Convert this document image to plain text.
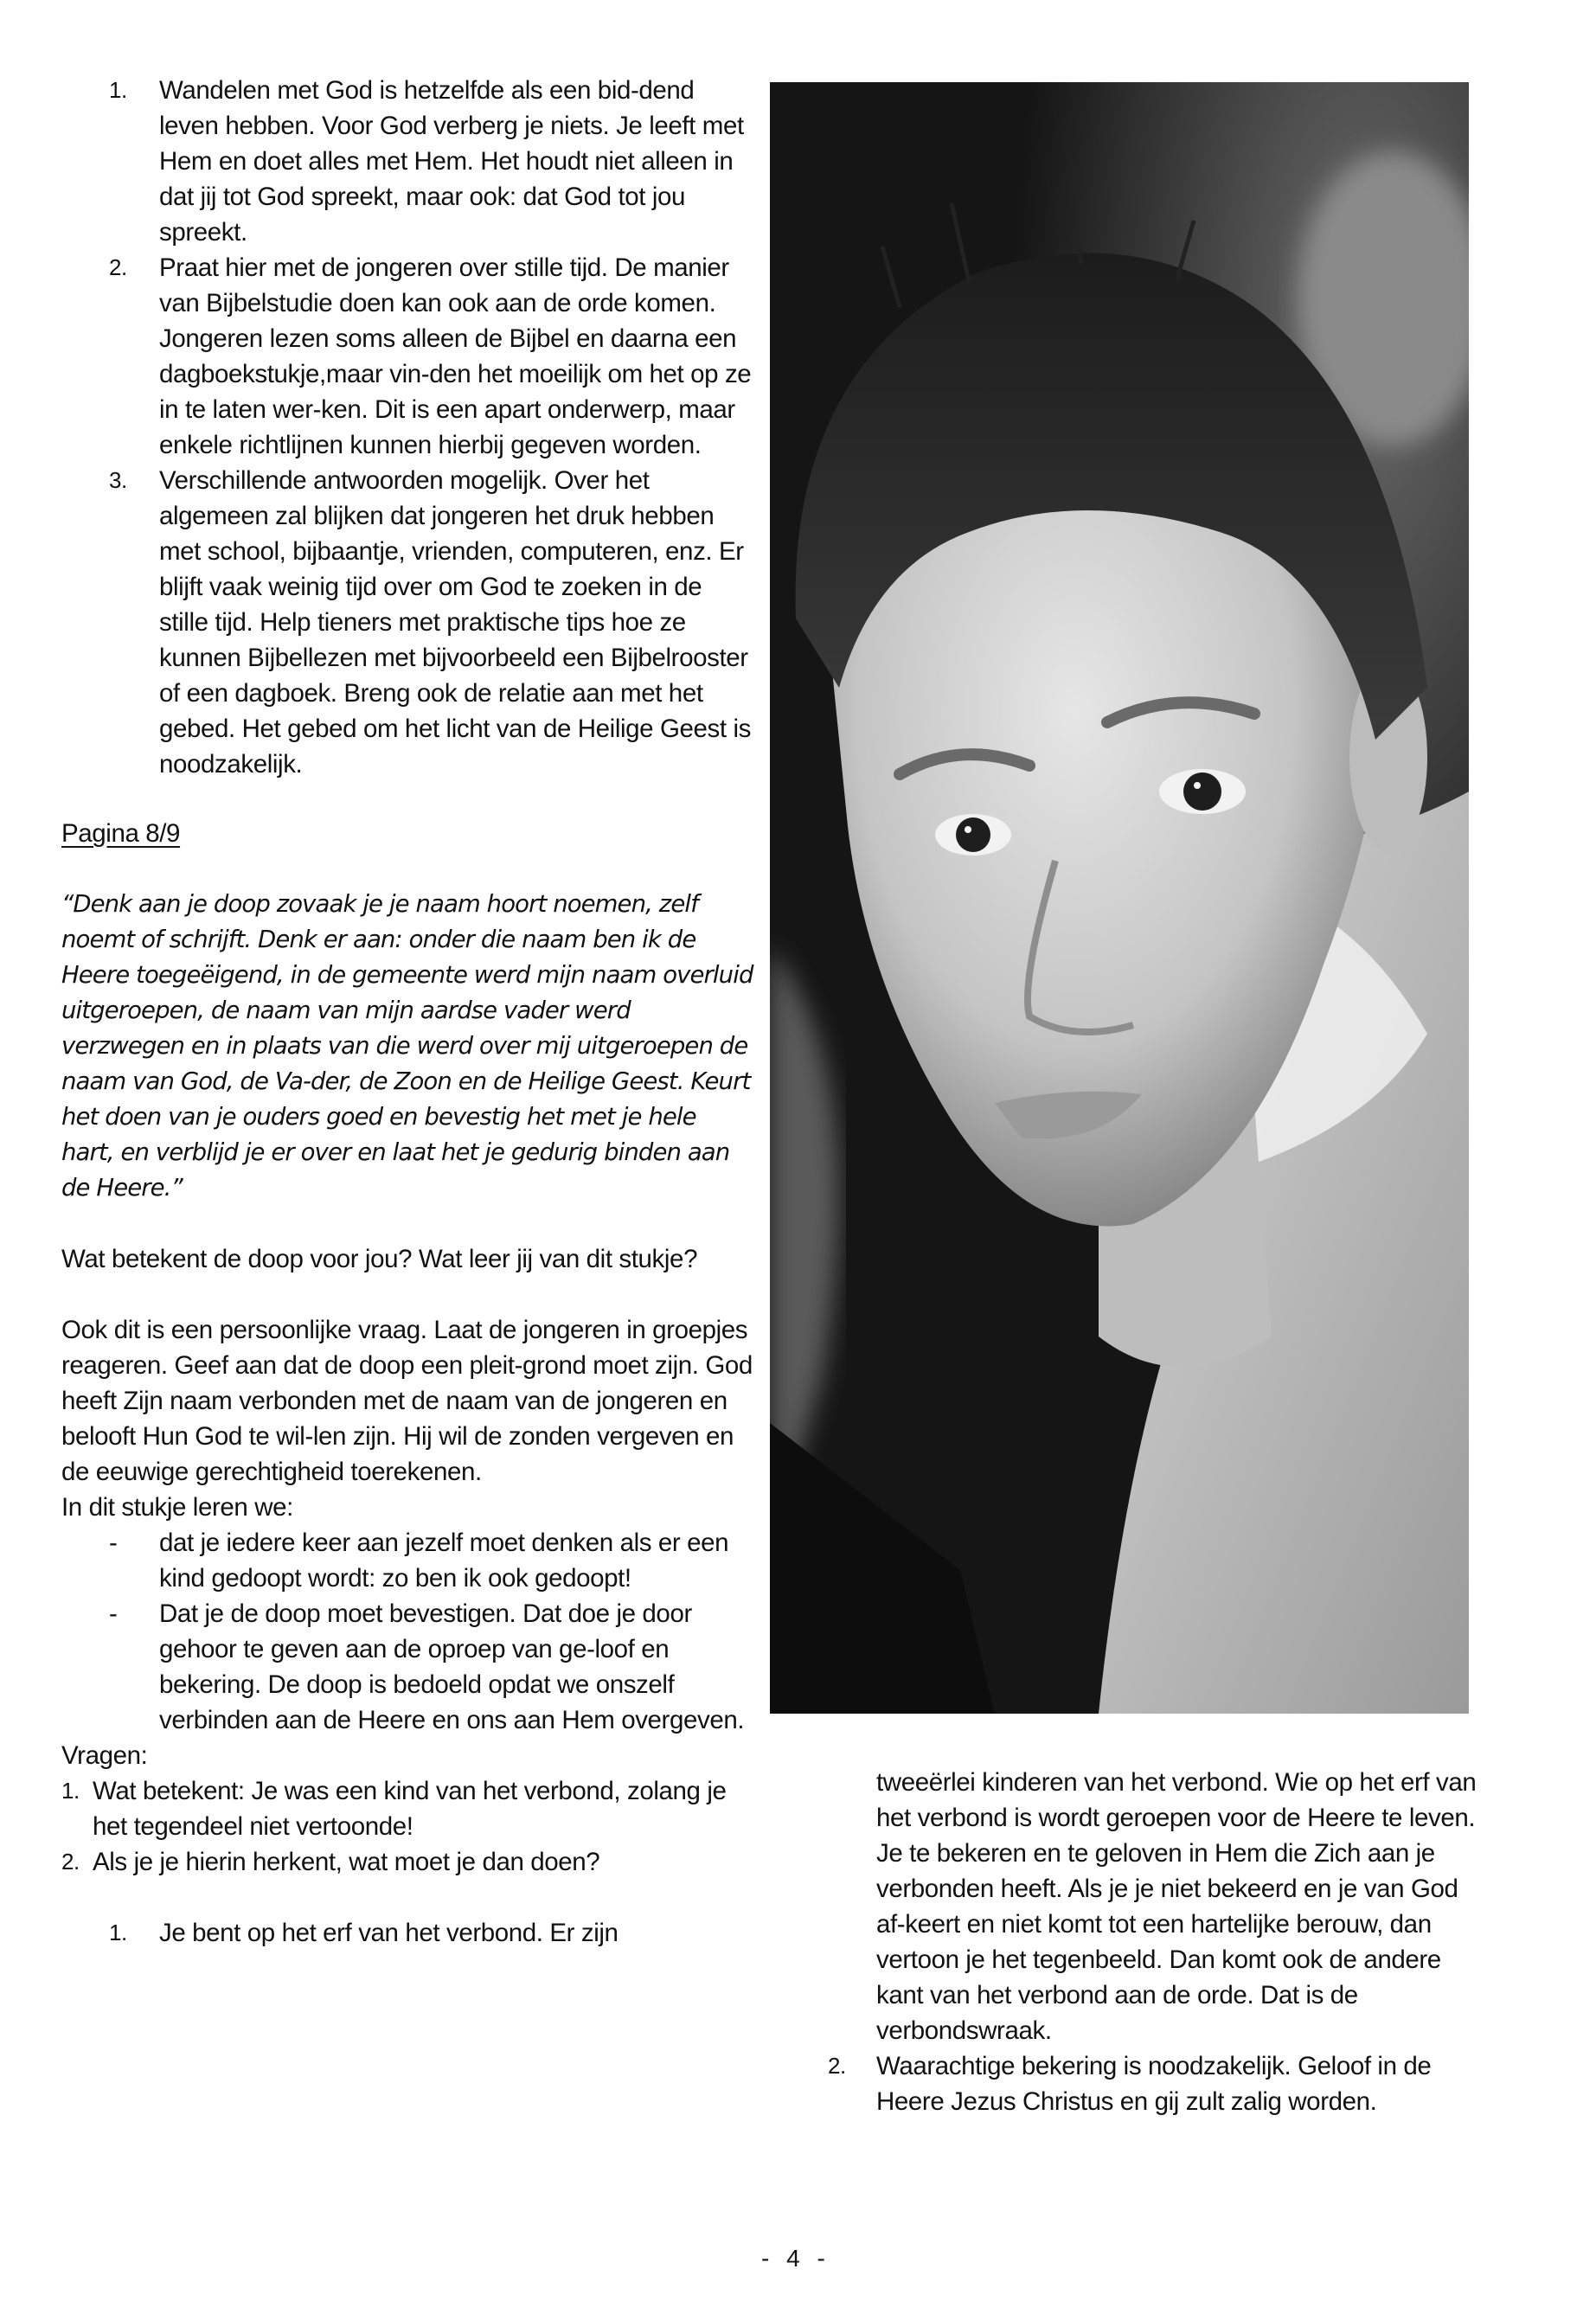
1. Wandelen met God is hetzelfde als een bid-dend leven hebben. Voor God verberg je niets. Je leeft met Hem en doet alles met Hem. Het houdt niet alleen in dat jij tot God spreekt, maar ook: dat God tot jou spreekt.
2. Praat hier met de jongeren over stille tijd. De manier van Bijbelstudie doen kan ook aan de orde komen. Jongeren lezen soms alleen de Bijbel en daarna een dagboekstukje,maar vin-den het moeilijk om het op ze in te laten wer-ken. Dit is een apart onderwerp, maar enkele richtlijnen kunnen hierbij gegeven worden.
3. Verschillende antwoorden mogelijk. Over het algemeen zal blijken dat jongeren het druk hebben met school, bijbaantje, vrienden, computeren, enz. Er blijft vaak weinig tijd over om God te zoeken in de stille tijd. Help tieners met praktische tips hoe ze kunnen Bijbellezen met bijvoorbeeld een Bijbelrooster of een dagboek. Breng ook de relatie aan met het gebed. Het gebed om het licht van de Heilige Geest is noodzakelijk.
Pagina 8/9
“Denk aan je doop zovaak je je naam hoort noemen, zelf noemt of schrijft. Denk er aan: onder die naam ben ik de Heere toegeëigend, in de gemeente werd mijn naam overluid uitgeroepen, de naam van mijn aardse vader werd verzwegen en in plaats van die werd over mij uitgeroepen de naam van God, de Va-der, de Zoon en de Heilige Geest. Keurt het doen van je ouders goed en bevestig het met je hele hart, en verblijd je er over en laat het je gedurig binden aan de Heere.”
Wat betekent de doop voor jou? Wat leer jij van dit stukje?
Ook dit is een persoonlijke vraag. Laat de jongeren in groepjes reageren. Geef aan dat de doop een pleit-grond moet zijn. God heeft Zijn naam verbonden met de naam van de jongeren en belooft Hun God te wil-len zijn. Hij wil de zonden vergeven en de eeuwige gerechtigheid toerekenen.
In dit stukje leren we:
- dat je iedere keer aan jezelf moet denken als er een kind gedoopt wordt: zo ben ik ook gedoopt!
- Dat je de doop moet bevestigen. Dat doe je door gehoor te geven aan de oproep van ge-loof en bekering. De doop is bedoeld opdat we onszelf verbinden aan de Heere en ons aan Hem overgeven.
Vragen:
1. Wat betekent: Je was een kind van het verbond, zolang je het tegendeel niet vertoonde!
2. Als je je hierin herkent, wat moet je dan doen?
1. Je bent op het erf van het verbond. Er zijn
tweeërlei kinderen van het verbond. Wie op het erf van het verbond is wordt geroepen voor de Heere te leven. Je te bekeren en te geloven in Hem die Zich aan je verbonden heeft. Als je je niet bekeerd en je van God af-keert en niet komt tot een hartelijke berouw, dan vertoon je het tegenbeeld. Dan komt ook de andere kant van het verbond aan de orde. Dat is de verbondswraak.
2. Waarachtige bekering is noodzakelijk. Geloof in de Heere Jezus Christus en gij zult zalig worden.
- 4 -
